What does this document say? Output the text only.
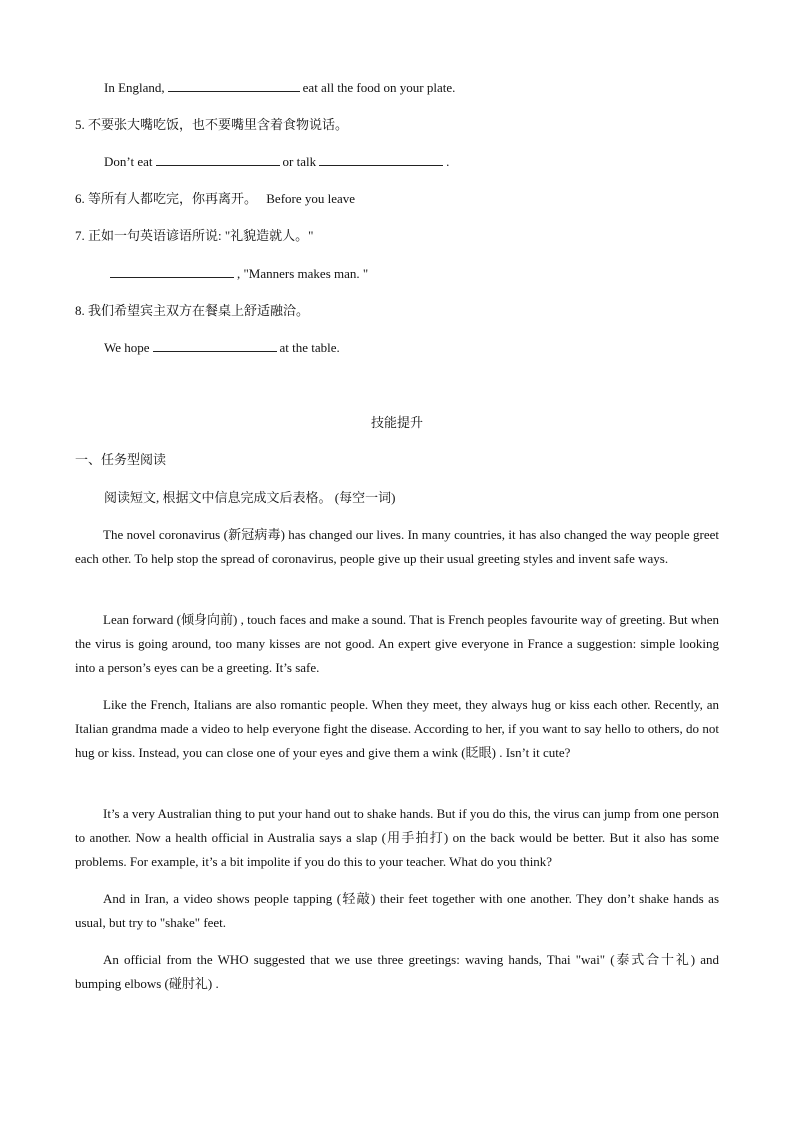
In England,	eat all the food on your plate.
5. 不要张大嘴吃饭，也不要嘴里含着食物说话。
Don’t eat	or talk	.
6. 等所有人都吃完，你再离开。 Before you leave
7. 正如一句英语谚语所说: "礼貌造就人。"
, "Manners makes man. "
8. 我们希望宾主双方在餐桌上舒适融洽。
We hope	at the table.
技能提升
一、任务型阅读
阅读短文, 根据文中信息完成文后表格。 (每空一词)
The novel coronavirus (新冠病毒) has changed our lives. In many countries, it has also changed the way people greet each other. To help stop the spread of coronavirus, people give up their usual greeting styles and invent safe ways.
Lean forward (倾身向前) , touch faces and make a sound. That is French peoples favourite way of greeting. But when the virus is going around, too many kisses are not good. An expert give everyone in France a suggestion: simple looking into a person’s eyes can be a greeting. It’s safe.
Like the French, Italians are also romantic people. When they meet, they always hug or kiss each other. Recently, an Italian grandma made a video to help everyone fight the disease. According to her, if you want to say hello to others, do not hug or kiss. Instead, you can close one of your eyes and give them a wink (眨眼) . Isn’t it cute?
It’s a very Australian thing to put your hand out to shake hands. But if you do this, the virus can jump from one person to another. Now a health official in Australia says a slap (用手拍打) on the back would be better. But it also has some problems. For example, it’s a bit impolite if you do this to your teacher. What do you think?
And in Iran, a video shows people tapping (轻敲) their feet together with one another. They don’t shake hands as usual, but try to "shake" feet.
An official from the WHO suggested that we use three greetings: waving hands, Thai "wai" (泰式合十礼) and bumping elbows (碰肘礼) .
